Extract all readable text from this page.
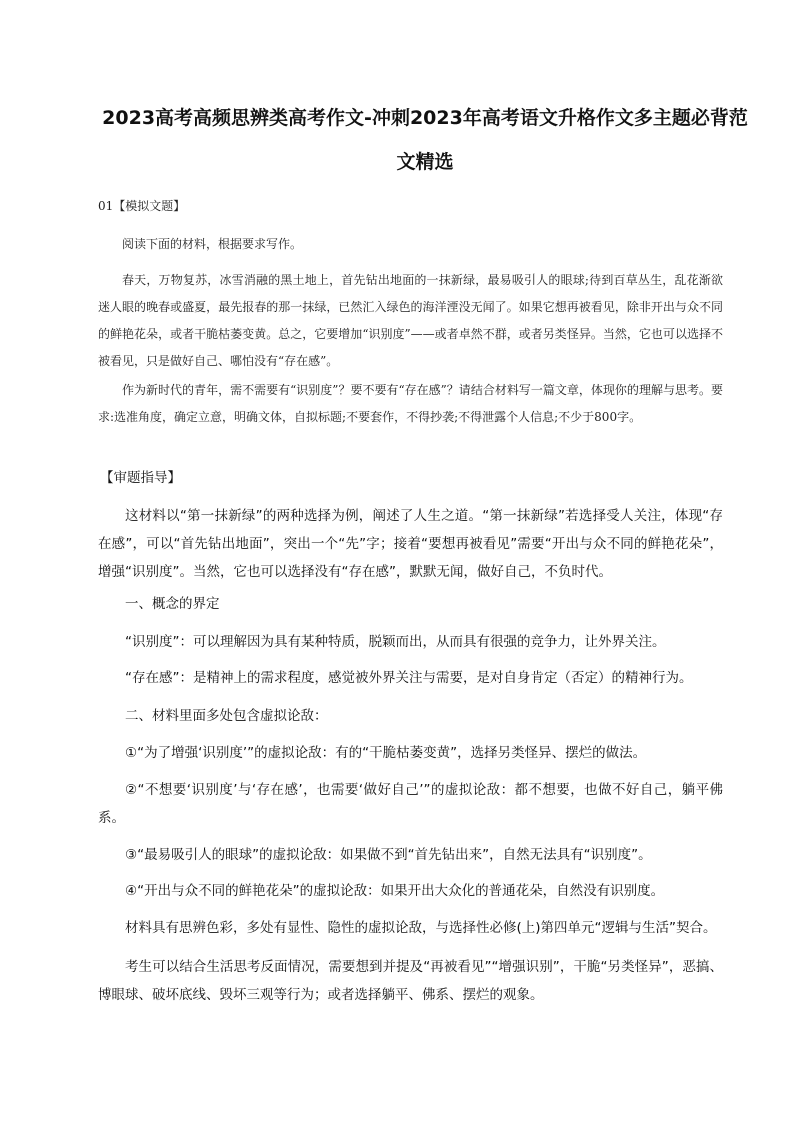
2023高考高频思辨类高考作文-冲刺2023年高考语文升格作文多主题必背范文精选

01【模拟文题】

阅读下面的材料，根据要求写作。

春天，万物复苏，冰雪消融的黑土地上，首先钻出地面的一抹新绿，最易吸引人的眼球;待到百草丛生，乱花渐欲迷人眼的晚春或盛夏，最先报春的那一抹绿，已然汇入绿色的海洋湮没无闻了。如果它想再被看见，除非开出与众不同的鲜艳花朵，或者干脆枯萎变黄。总之，它要增加“识别度”——或者卓然不群，或者另类怪异。当然，它也可以选择不被看见，只是做好自己、哪怕没有“存在感”。

作为新时代的青年，需不需要有“识别度”？要不要有“存在感”？请结合材料写一篇文章，体现你的理解与思考。要求:选准角度，确定立意，明确文体，自拟标题;不要套作，不得抄袭;不得泄露个人信息;不少于800字。

【审题指导】

这材料以“第一抹新绿”的两种选择为例，阐述了人生之道。“第一抹新绿”若选择受人关注，体现“存在感”，可以“首先钻出地面”，突出一个“先”字；接着“要想再被看见”需要“开出与众不同的鲜艳花朵”，增强“识别度”。当然，它也可以选择没有“存在感”，默默无闻，做好自己，不负时代。

一、概念的界定

“识别度”：可以理解因为具有某种特质，脱颖而出，从而具有很强的竞争力，让外界关注。

“存在感”：是精神上的需求程度，感觉被外界关注与需要，是对自身肯定（否定）的精神行为。

二、材料里面多处包含虚拟论敌：

①“为了增强‘识别度’”的虚拟论敌：有的“干脆枯萎变黄”，选择另类怪异、摆烂的做法。

②“不想要‘识别度’与‘存在感’，也需要‘做好自己’”的虚拟论敌：都不想要，也做不好自己，躺平佛系。

③“最易吸引人的眼球”的虚拟论敌：如果做不到“首先钻出来”，自然无法具有“识别度”。

④“开出与众不同的鲜艳花朵”的虚拟论敌：如果开出大众化的普通花朵，自然没有识别度。

材料具有思辨色彩，多处有显性、隐性的虚拟论敌，与选择性必修(上)第四单元“逻辑与生活”契合。

考生可以结合生活思考反面情况，需要想到并提及“再被看见”“增强识别”，干脆“另类怪异”，恶搞、博眼球、破坏底线、毁坏三观等行为；或者选择躺平、佛系、摆烂的观象。
